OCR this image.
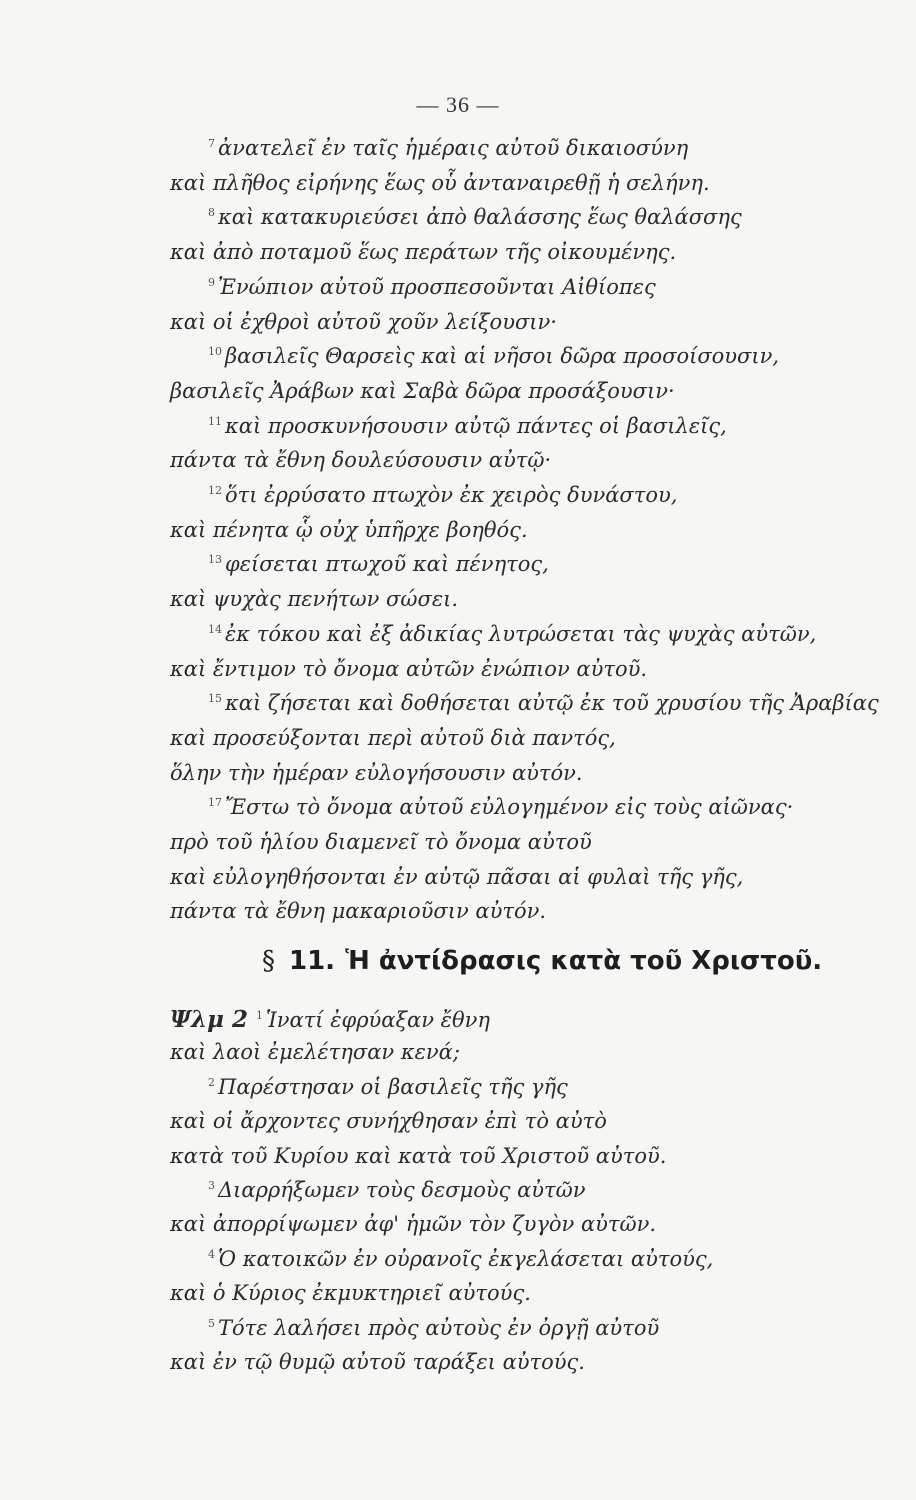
— 36 —
$^7$ ἀνατελεῖ ἐν ταῖς ἡμέραις αὐτοῦ δικαιοσύνη
καὶ πλῆθος εἰρήνης ἕως οὗ ἀνταναιρεθῇ ἡ σελήνη.
$^8$ καὶ κατακυριεύσει ἀπὸ θαλάσσης ἕως θαλάσσης
καὶ ἀπὸ ποταμοῦ ἕως περάτων τῆς οἰκουμένης.
$^9$ Ἐνώπιον αὐτοῦ προσπεσοῦνται Αἰθίοπες
καὶ οἱ ἐχθροὶ αὐτοῦ χοῦν λείξουσιν·
$^{10}$ βασιλεῖς Θαρσεὶς καὶ αἱ νῆσοι δῶρα προσοίσουσιν,
βασιλεῖς Ἀράβων καὶ Σαβὰ δῶρα προσάξουσιν·
$^{11}$ καὶ προσκυνήσουσιν αὐτῷ πάντες οἱ βασιλεῖς,
πάντα τὰ ἔθνη δουλεύσουσιν αὐτῷ·
$^{12}$ ὅτι ἐρρύσατο πτωχὸν ἐκ χειρὸς δυνάστου,
καὶ πένητα ᾧ οὐχ ὑπῆρχε βοηθός.
$^{13}$ φείσεται πτωχοῦ καὶ πένητος,
καὶ ψυχὰς πενήτων σώσει.
$^{14}$ ἐκ τόκου καὶ ἐξ ἀδικίας λυτρώσεται τὰς ψυχὰς αὐτῶν,
καὶ ἔντιμον τὸ ὄνομα αὐτῶν ἐνώπιον αὐτοῦ.
$^{15}$ καὶ ζήσεται καὶ δοθήσεται αὐτῷ ἐκ τοῦ χρυσίου τῆς Ἀραβίας
καὶ προσεύξονται περὶ αὐτοῦ διὰ παντός,
ὅλην τὴν ἡμέραν εὐλογήσουσιν αὐτόν.
$^{17}$ Ἔστω τὸ ὄνομα αὐτοῦ εὐλογημένον εἰς τοὺς αἰῶνας·
πρὸ τοῦ ἡλίου διαμενεῖ τὸ ὄνομα αὐτοῦ
καὶ εὐλογηθήσονται ἐν αὐτῷ πᾶσαι αἱ φυλαὶ τῆς γῆς,
πάντα τὰ ἔθνη μακαριοῦσιν αὐτόν.
§ 11. Ἡ ἀντίδρασις κατὰ τοῦ Χριστοῦ.
Ψλμ 2 $^1$ Ἱνατί ἐφρύαξαν ἔθνη
καὶ λαοὶ ἐμελέτησαν κενά;
$^2$ Παρέστησαν οἱ βασιλεῖς τῆς γῆς
καὶ οἱ ἄρχοντες συνήχθησαν ἐπὶ τὸ αὐτὸ
κατὰ τοῦ Κυρίου καὶ κατὰ τοῦ Χριστοῦ αὐτοῦ.
$^3$ Διαρρήξωμεν τοὺς δεσμοὺς αὐτῶν
καὶ ἀπορρίψωμεν ἀφ' ἡμῶν τὸν ζυγὸν αὐτῶν.
$^4$ Ὁ κατοικῶν ἐν οὐρανοῖς ἐκγελάσεται αὐτούς,
καὶ ὁ Κύριος ἐκμυκτηριεῖ αὐτούς.
$^5$ Τότε λαλήσει πρὸς αὐτοὺς ἐν ὀργῇ αὐτοῦ
καὶ ἐν τῷ θυμῷ αὐτοῦ ταράξει αὐτούς.
